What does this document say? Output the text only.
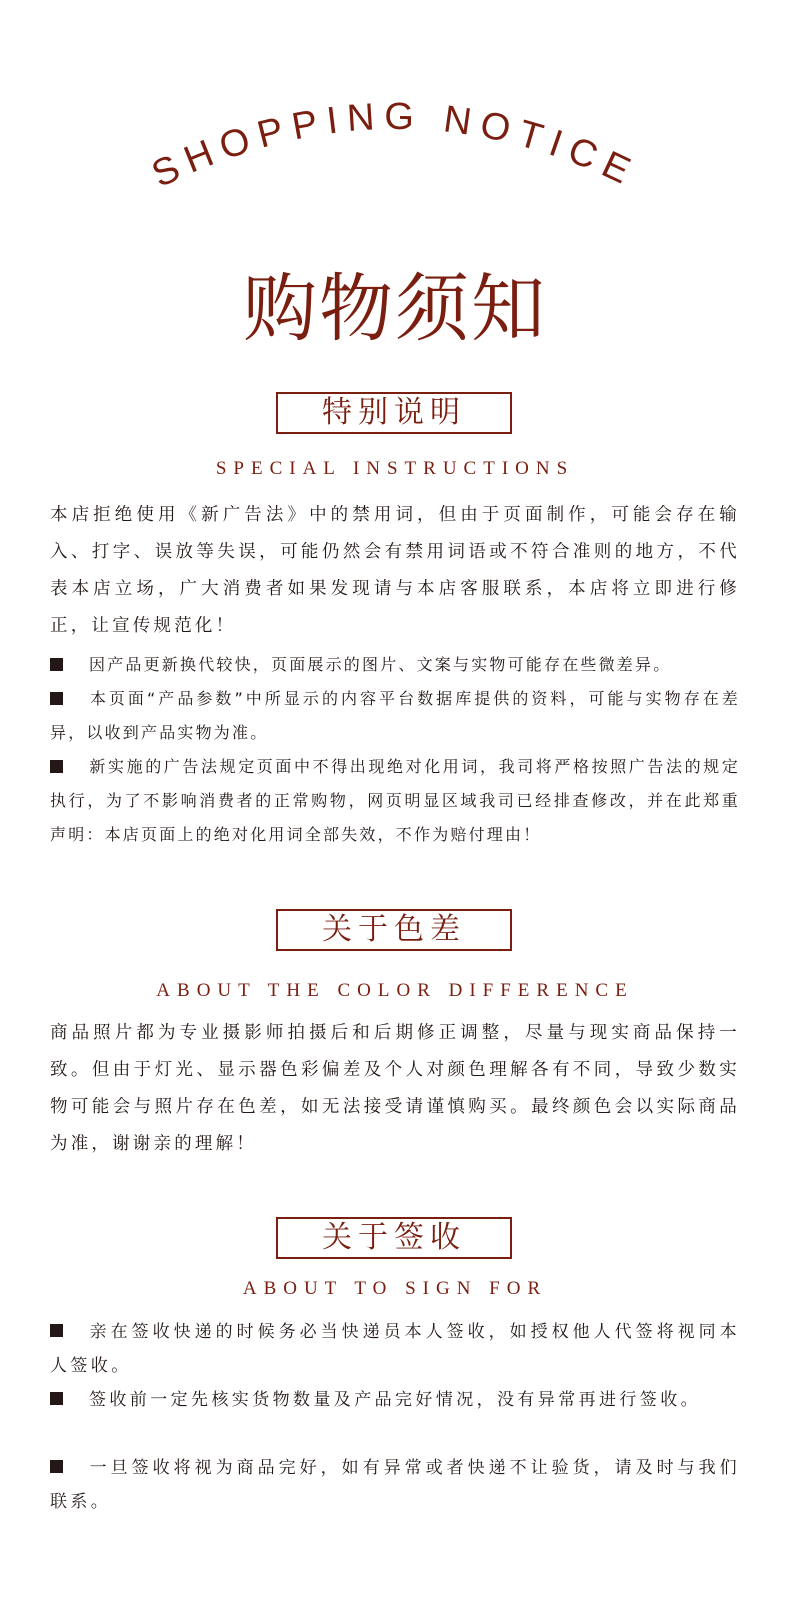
SHOPPING NOTICE
购物须知
特别说明
SPECIAL INSTRUCTIONS

本店拒绝使用《新广告法》中的禁用词，但由于页面制作，可能会存在输入、打字、误放等失误，可能仍然会有禁用词语或不符合准则的地方，不代表本店立场，广大消费者如果发现请与本店客服联系，本店将立即进行修正，让宣传规范化！

因产品更新换代较快，页面展示的图片、文案与实物可能存在些微差异。

本页面“产品参数”中所显示的内容平台数据库提供的资料，可能与实物存在差异，以收到产品实物为准。

新实施的广告法规定页面中不得出现绝对化用词，我司将严格按照广告法的规定执行，为了不影响消费者的正常购物，网页明显区域我司已经排查修改，并在此郑重声明：本店页面上的绝对化用词全部失效，不作为赔付理由！

关于色差
ABOUT THE COLOR DIFFERENCE

商品照片都为专业摄影师拍摄后和后期修正调整，尽量与现实商品保持一致。但由于灯光、显示器色彩偏差及个人对颜色理解各有不同，导致少数实物可能会与照片存在色差，如无法接受请谨慎购买。最终颜色会以实际商品为准，谢谢亲的理解！

关于签收
ABOUT TO SIGN FOR

亲在签收快递的时候务必当快递员本人签收，如授权他人代签将视同本人签收。

签收前一定先核实货物数量及产品完好情况，没有异常再进行签收。

一旦签收将视为商品完好，如有异常或者快递不让验货，请及时与我们联系。
